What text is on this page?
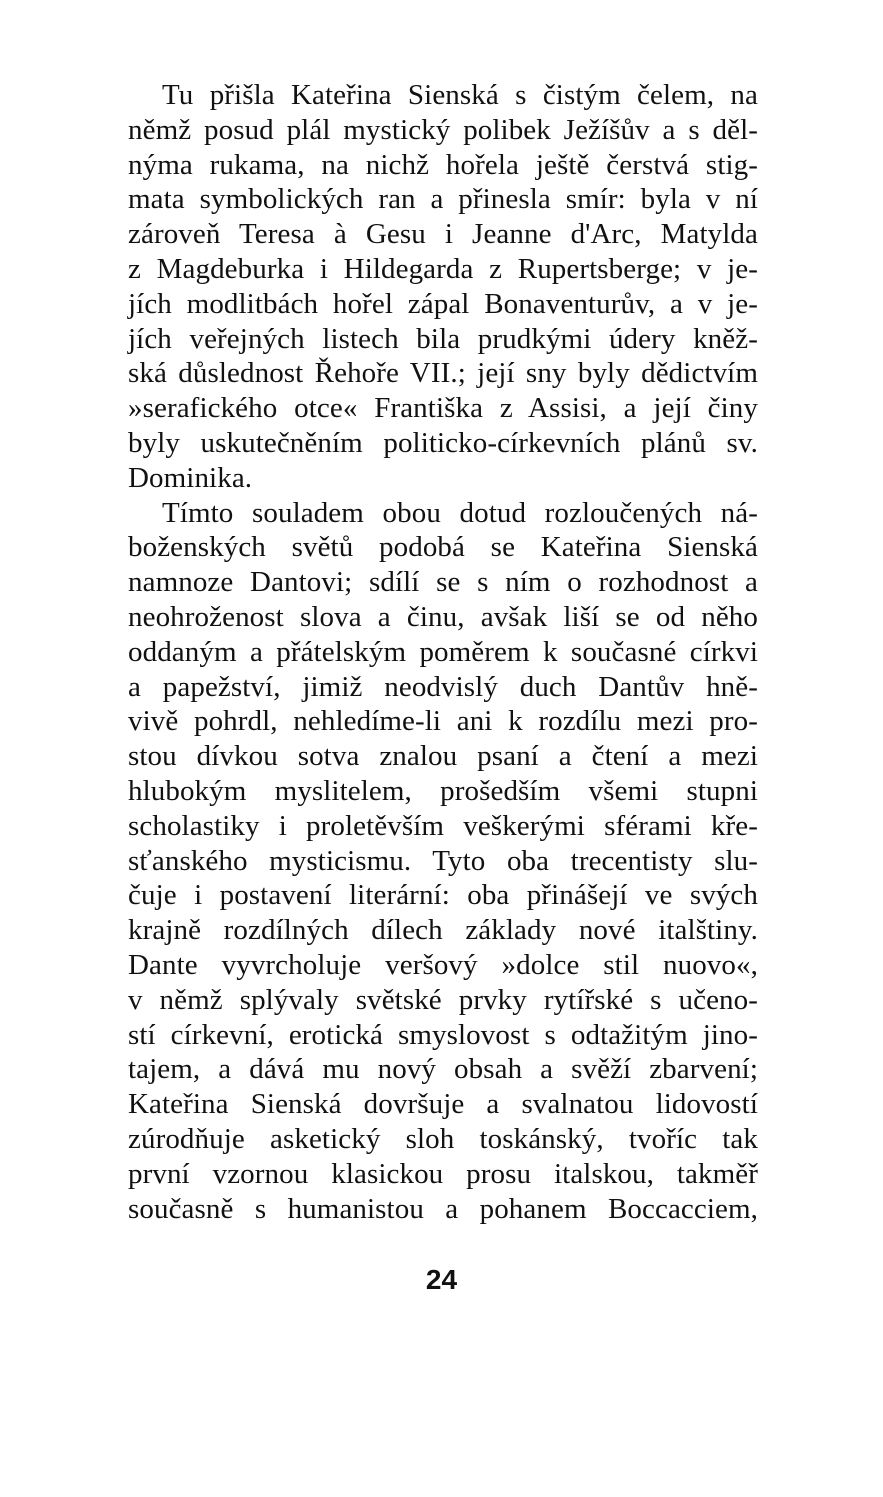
Tu přišla Kateřina Sienská s čistým čelem, na
němž posud plál mystický polibek Ježíšův a s děl-
nýma rukama, na nichž hořela ještě čerstvá stig-
mata symbolických ran a přinesla smír: byla v ní
zároveň Teresa à Gesu i Jeanne d'Arc, Matylda
z Magdeburka i Hildegarda z Rupertsberge; v je-
jích modlitbách hořel zápal Bonaventurův, a v je-
jích veřejných listech bila prudkými údery kněž-
ská důslednost Řehoře VII.; její sny byly dědictvím
»serafického otce« Františka z Assisi, a její činy
byly uskutečněním politicko-církevních plánů sv.
Dominika.
Tímto souladem obou dotud rozloučených ná-
boženských světů podobá se Kateřina Sienská
namnoze Dantovi; sdílí se s ním o rozhodnost a
neohroženost slova a činu, avšak liší se od něho
oddaným a přátelským poměrem k současné církvi
a papežství, jimiž neodvislý duch Dantův hně-
vivě pohrdl, nehledíme-li ani k rozdílu mezi pro-
stou dívkou sotva znalou psaní a čtení a mezi
hlubokým myslitelem, prošedším všemi stupni
scholastiky i proletěvším veškerými sférami kře-
sťanského mysticismu. Tyto oba trecentisty slu-
čuje i postavení literární: oba přinášejí ve svých
krajně rozdílných dílech základy nové italštiny.
Dante vyvrcholuje veršový »dolce stil nuovo«,
v němž splývaly světské prvky rytířské s učeno-
stí církevní, erotická smyslovost s odtažitým jino-
tajem, a dává mu nový obsah a svěží zbarvení;
Kateřina Sienská dovršuje a svalnatou lidovostí
zúrodňuje asketický sloh toskánský, tvoříc tak
první vzornou klasickou prosu italskou, takměř
současně s humanistou a pohanem Boccacciem,
24
